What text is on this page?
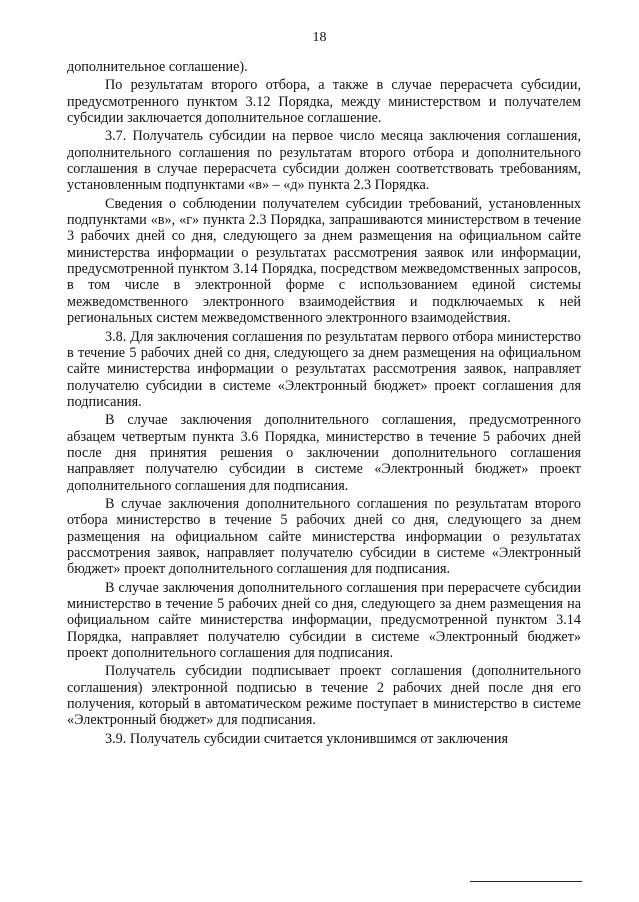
18

дополнительное соглашение).

По результатам второго отбора, а также в случае перерасчета субсидии, предусмотренного пунктом 3.12 Порядка, между министерством и получателем субсидии заключается дополнительное соглашение.

3.7. Получатель субсидии на первое число месяца заключения соглашения, дополнительного соглашения по результатам второго отбора и дополнительного соглашения в случае перерасчета субсидии должен соответствовать требованиям, установленным подпунктами «в» – «д» пункта 2.3 Порядка.

Сведения о соблюдении получателем субсидии требований, установленных подпунктами «в», «г» пункта 2.3 Порядка, запрашиваются министерством в течение 3 рабочих дней со дня, следующего за днем размещения на официальном сайте министерства информации о результатах рассмотрения заявок или информации, предусмотренной пунктом 3.14 Порядка, посредством межведомственных запросов, в том числе в электронной форме с использованием единой системы межведомственного электронного взаимодействия и подключаемых к ней региональных систем межведомственного электронного взаимодействия.

3.8. Для заключения соглашения по результатам первого отбора министерство в течение 5 рабочих дней со дня, следующего за днем размещения на официальном сайте министерства информации о результатах рассмотрения заявок, направляет получателю субсидии в системе «Электронный бюджет» проект соглашения для подписания.

В случае заключения дополнительного соглашения, предусмотренного абзацем четвертым пункта 3.6 Порядка, министерство в течение 5 рабочих дней после дня принятия решения о заключении дополнительного соглашения направляет получателю субсидии в системе «Электронный бюджет» проект дополнительного соглашения для подписания.

В случае заключения дополнительного соглашения по результатам второго отбора министерство в течение 5 рабочих дней со дня, следующего за днем размещения на официальном сайте министерства информации о результатах рассмотрения заявок, направляет получателю субсидии в системе «Электронный бюджет» проект дополнительного соглашения для подписания.

В случае заключения дополнительного соглашения при перерасчете субсидии министерство в течение 5 рабочих дней со дня, следующего за днем размещения на официальном сайте министерства информации, предусмотренной пунктом 3.14 Порядка, направляет получателю субсидии в системе «Электронный бюджет» проект дополнительного соглашения для подписания.

Получатель субсидии подписывает проект соглашения (дополнительного соглашения) электронной подписью в течение 2 рабочих дней после дня его получения, который в автоматическом режиме поступает в министерство в системе «Электронный бюджет» для подписания.

3.9. Получатель субсидии считается уклонившимся от заключения
